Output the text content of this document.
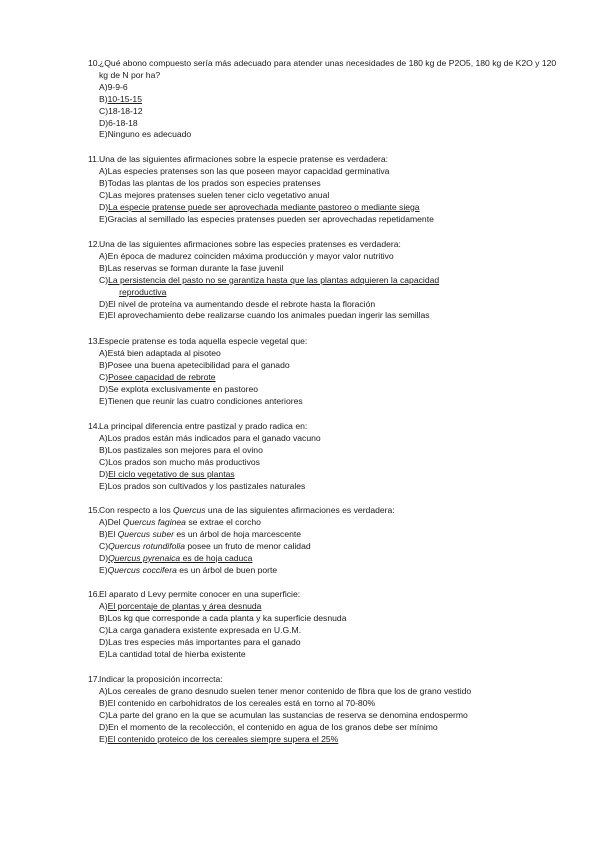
10. ¿Qué abono compuesto sería más adecuado para atender unas necesidades de 180 kg de P2O5, 180 kg de K2O y 120 kg de N por ha?
A) 9-9-6
B) 10-15-15
C) 18-18-12
D) 6-18-18
E) Ninguno es adecuado
11. Una de las siguientes afirmaciones sobre la especie pratense es verdadera:
A) Las especies pratenses son las que poseen mayor capacidad germinativa
B) Todas las plantas de los prados son especies pratenses
C) Las mejores pratenses suelen tener ciclo vegetativo anual
D) La especie pratense puede ser aprovechada mediante pastoreo o mediante siega
E) Gracias al semillado las especies pratenses pueden ser aprovechadas repetidamente
12. Una de las siguientes afirmaciones sobre las especies pratenses es verdadera:
A) En época de madurez coinciden máxima producción y mayor valor nutritivo
B) Las reservas se forman durante la fase juvenil
C) La persistencia del pasto no se garantiza hasta que las plantas adquieren la capacidad
reproductiva
D) El nivel de proteína va aumentando desde el rebrote hasta la floración
E) El aprovechamiento debe realizarse cuando los animales puedan ingerir las semillas
13. Especie pratense es toda aquella especie vegetal que:
A) Está bien adaptada al pisoteo
B) Posee una buena apetecibilidad para el ganado
C) Posee capacidad de rebrote
D) Se explota exclusivamente en pastoreo
E) Tienen que reunir las cuatro condiciones anteriores
14. La principal diferencia entre pastizal y prado radica en:
A) Los prados están más indicados para el ganado vacuno
B) Los pastizales son mejores para el ovino
C) Los prados son mucho más productivos
D) El ciclo vegetativo de sus plantas
E) Los prados son cultivados y los pastizales naturales
15. Con respecto a los Quercus una de las siguientes afirmaciones es verdadera:
A) Del Quercus faginea se extrae el corcho
B) El Quercus suber es un árbol de hoja marcescente
C) Quercus rotundifolia posee un fruto de menor calidad
D) Quercus pyrenaica es de hoja caduca
E) Quercus coccifera es un árbol de buen porte
16. El aparato d Levy permite conocer en una superficie:
A) El porcentaje de plantas y área desnuda
B) Los kg que corresponde a cada planta y ka superficie desnuda
C) La carga ganadera existente expresada en U.G.M.
D) Las tres especies más importantes para el ganado
E) La cantidad total de hierba existente
17. Indicar la proposición incorrecta:
A) Los cereales de grano desnudo suelen tener menor contenido de fibra que los de grano vestido
B) El contenido en carbohidratos de los cereales está en torno al 70-80%
C) La parte del grano en la que se acumulan las sustancias de reserva se denomina endospermo
D) En el momento de la recolección, el contenido en agua de los granos debe ser mínimo
E) El contenido proteico de los cereales siempre supera el 25%
